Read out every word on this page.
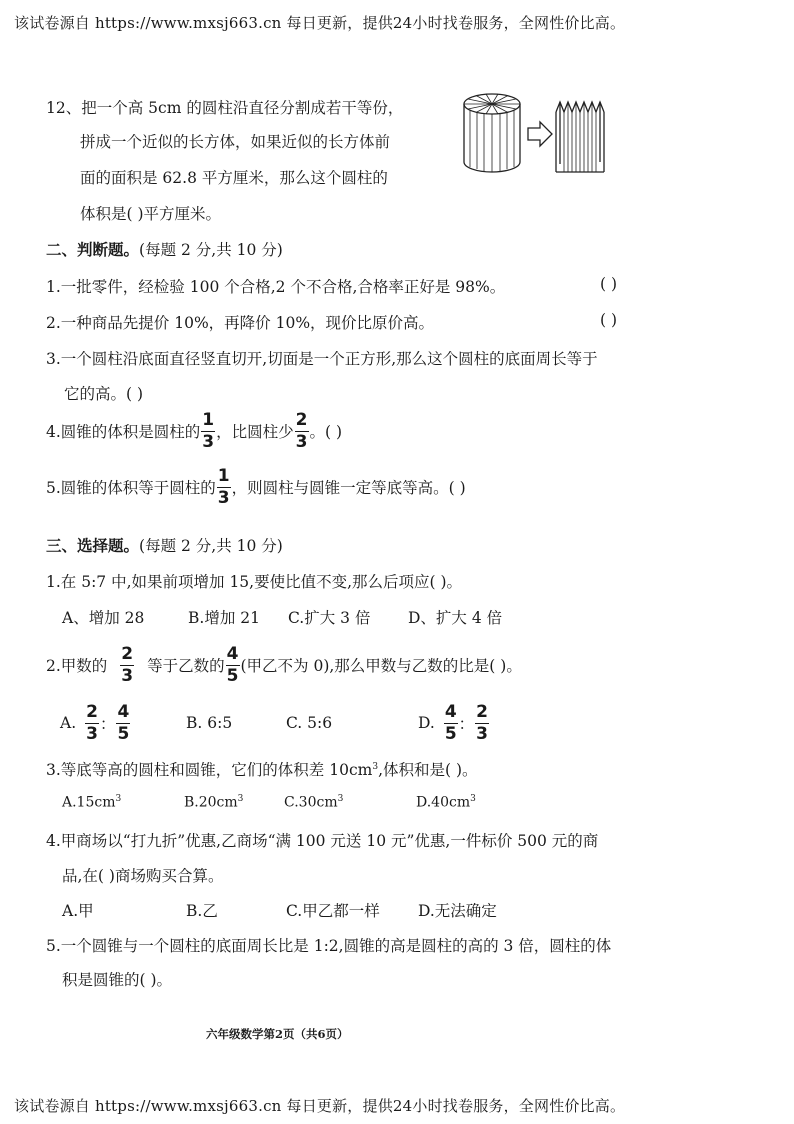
该试卷源自 https://www.mxsj663.cn 每日更新，提供24小时找卷服务，全网性价比高。
12、把一个高 5cm 的圆柱沿直径分割成若干等份，
拼成一个近似的长方体，如果近似的长方体前
面的面积是 62.8 平方厘米，那么这个圆柱的
体积是( )平方厘米。
二、判断题。(每题 2 分,共 10 分)
1.一批零件，经检验 100 个合格,2 个不合格,合格率正好是 98%。	( )
2.一种商品先提价 10%，再降价 10%，现价比原价高。	( )
3.一个圆柱沿底面直径竖直切开,切面是一个正方形,那么这个圆柱的底面周长等于
它的高。( )
4.圆锥的体积是圆柱的 $\frac{1}{3}$ ，比圆柱少 $\frac{2}{3}$ 。( )
5.圆锥的体积等于圆柱的 $\frac{1}{3}$ ，则圆柱与圆锥一定等底等高。( )
三、选择题。(每题 2 分,共 10 分)
1.在 5:7 中,如果前项增加 15,要使比值不变,那么后项应( )。
A、增加 28	B.增加 21 C.扩大 3 倍 D、扩大 4 倍
2.甲数的 $\frac{2}{3}$ 等于乙数的 $\frac{4}{5}$ (甲乙不为 0),那么甲数与乙数的比是( )。
A. $\frac{2}{3}$ ： $\frac{4}{5}$	B. 6:5	C. 5:6	D. $\frac{4}{5}$ ： $\frac{2}{3}$
3.等底等高的圆柱和圆锥，它们的体积差 $10cm^3$,体积和是( )。
$A.15cm^3$	$B.20cm^3$	$C.30cm^3$	$D.40cm^3$
4.甲商场以“打九折”优惠,乙商场“满 100 元送 10 元”优惠,一件标价 500 元的商
品,在( )商场购买合算。
A.甲	B.乙	C.甲乙都一样 D.无法确定
5.一个圆锥与一个圆柱的底面周长比是 1:2,圆锥的高是圆柱的高的 3 倍，圆柱的体
积是圆锥的( )。
六年级数学第2页（共6页）
该试卷源自 https://www.mxsj663.cn 每日更新，提供24小时找卷服务，全网性价比高。
